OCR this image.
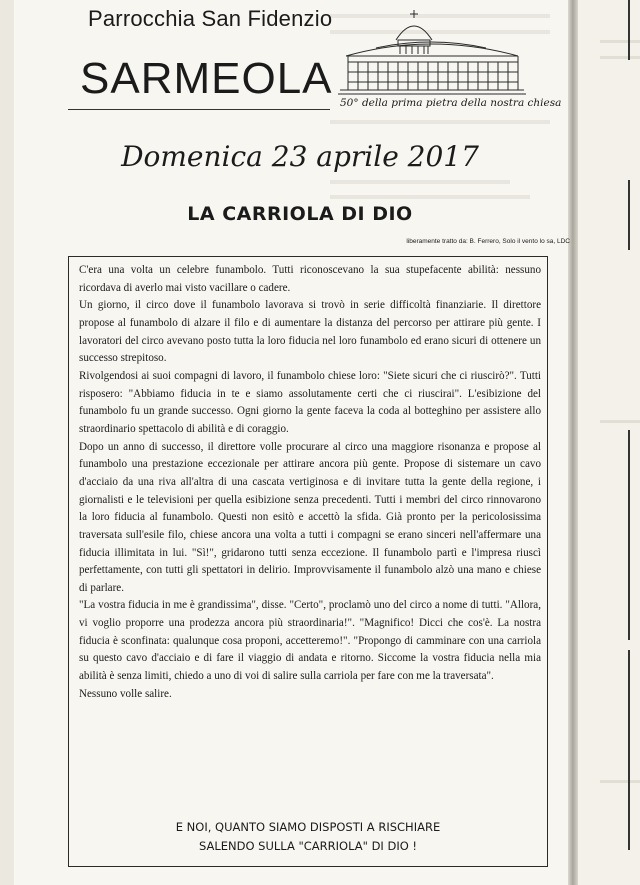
Parrocchia San Fidenzio
SARMEOLA 50° della prima pietra della nostra chiesa
Domenica 23 aprile 2017
LA CARRIOLA DI DIO
liberamente tratto da: B. Ferrero, Solo il vento lo sa, LDC

C'era una volta un celebre funambolo. Tutti riconoscevano la sua stupefacente abilità: nessuno ricordava di averlo mai visto vacillare o cadere.

Un giorno, il circo dove il funambolo lavorava si trovò in serie difficoltà finanziarie. Il direttore propose al funambolo di alzare il filo e di aumentare la distanza del percorso per attirare più gente. I lavoratori del circo avevano posto tutta la loro fiducia nel loro funambolo ed erano sicuri di ottenere un successo strepitoso.

Rivolgendosi ai suoi compagni di lavoro, il funambolo chiese loro: "Siete sicuri che ci riuscirò?". Tutti risposero: "Abbiamo fiducia in te e siamo assolutamente certi che ci riuscirai". L'esibizione del funambolo fu un grande successo. Ogni giorno la gente faceva la coda al botteghino per assistere allo straordinario spettacolo di abilità e di coraggio.

Dopo un anno di successo, il direttore volle procurare al circo una maggiore risonanza e propose al funambolo una prestazione eccezionale per attirare ancora più gente. Propose di sistemare un cavo d'acciaio da una riva all'altra di una cascata vertiginosa e di invitare tutta la gente della regione, i giornalisti e le televisioni per quella esibizione senza precedenti. Tutti i membri del circo rinnovarono la loro fiducia al funambolo. Questi non esitò e accettò la sfida. Già pronto per la pericolosissima traversata sull'esile filo, chiese ancora una volta a tutti i compagni se erano sinceri nell'affermare una fiducia illimitata in lui. "Sì!", gridarono tutti senza eccezione. Il funambolo partì e l'impresa riuscì perfettamente, con tutti gli spettatori in delirio. Improvvisamente il funambolo alzò una mano e chiese di parlare.

"La vostra fiducia in me è grandissima", disse. "Certo", proclamò uno del circo a nome di tutti. "Allora, vi voglio proporre una prodezza ancora più straordinaria!". "Magnifico! Dicci che cos'è. La nostra fiducia è sconfinata: qualunque cosa proponi, accetteremo!". "Propongo di camminare con una carriola su questo cavo d'acciaio e di fare il viaggio di andata e ritorno. Siccome la vostra fiducia nella mia abilità è senza limiti, chiedo a uno di voi di salire sulla carriola per fare con me la traversata".

Nessuno volle salire.

E NOI, QUANTO SIAMO DISPOSTI A RISCHIARE
SALENDO SULLA "CARRIOLA" DI DIO !
